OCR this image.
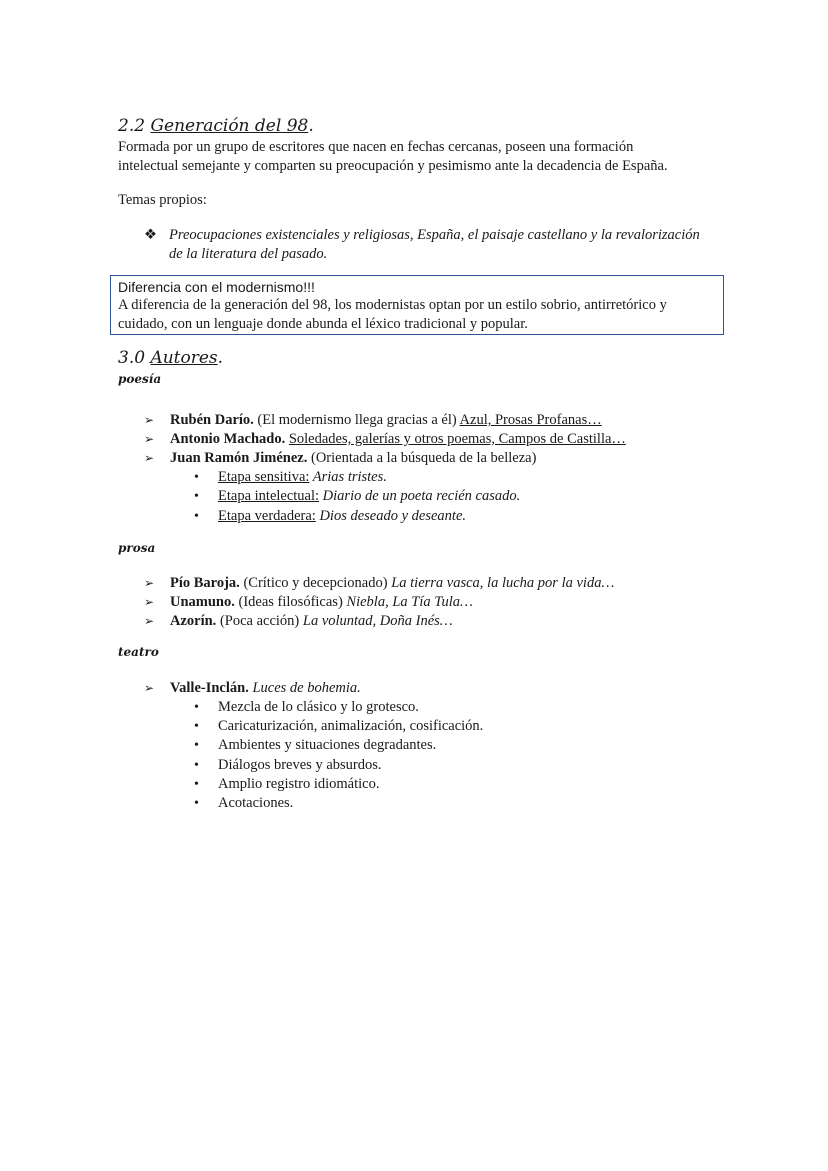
2.2 Generación del 98.
Formada por un grupo de escritores que nacen en fechas cercanas, poseen una formación
intelectual semejante y comparten su preocupación y pesimismo ante la decadencia de España.
Temas propios:
❖ Preocupaciones existenciales y religiosas, España, el paisaje castellano y la revalorización
de la literatura del pasado.
Diferencia con el modernismo!!!
A diferencia de la generación del 98, los modernistas optan por un estilo sobrio, antirretórico y
cuidado, con un lenguaje donde abunda el léxico tradicional y popular.
3.0 Autores.
poesía
➢ Rubén Darío. (El modernismo llega gracias a él) Azul, Prosas Profanas…
➢ Antonio Machado. Soledades, galerías y otros poemas, Campos de Castilla…
➢ Juan Ramón Jiménez. (Orientada a la búsqueda de la belleza)
• Etapa sensitiva: Arias tristes.
• Etapa intelectual: Diario de un poeta recién casado.
• Etapa verdadera: Dios deseado y deseante.
prosa
➢ Pío Baroja. (Crítico y decepcionado) La tierra vasca, la lucha por la vida…
➢ Unamuno. (Ideas filosóficas) Niebla, La Tía Tula…
➢ Azorín. (Poca acción) La voluntad, Doña Inés…
teatro
➢ Valle-Inclán. Luces de bohemia.
• Mezcla de lo clásico y lo grotesco.
• Caricaturización, animalización, cosificación.
• Ambientes y situaciones degradantes.
• Diálogos breves y absurdos.
• Amplio registro idiomático.
• Acotaciones.
